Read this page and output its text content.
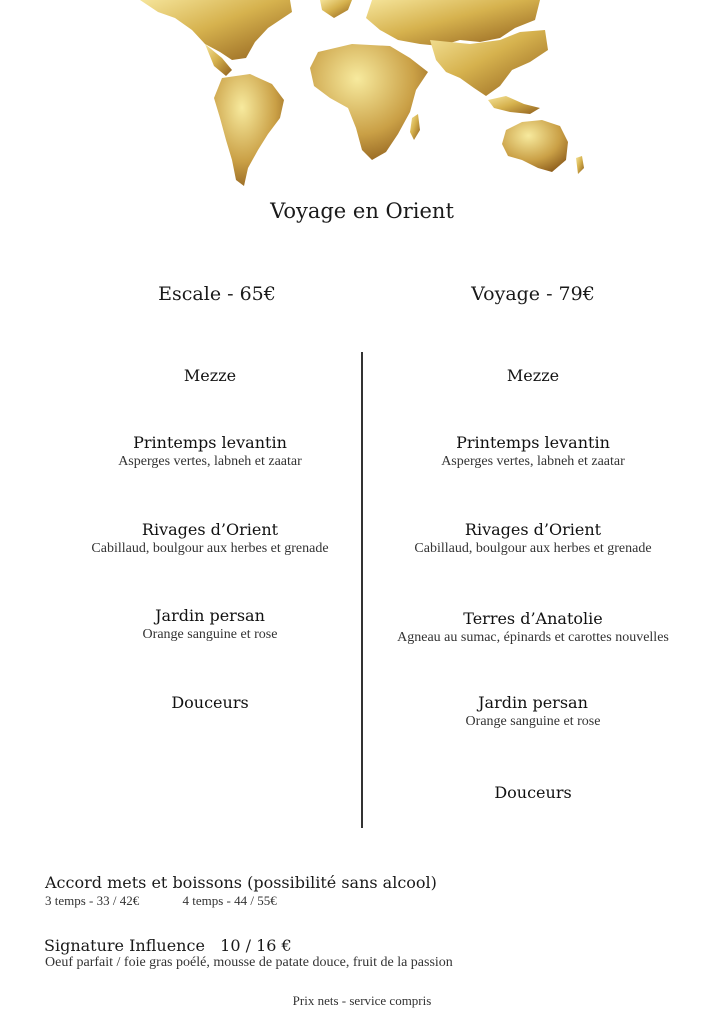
Voyage en Orient
Escale - 65€	Voyage - 79€
Mezze
Printemps levantin
Asperges vertes, labneh et zaatar
Rivages d’Orient
Cabillaud, boulgour aux herbes et grenade
Jardin persan
Orange sanguine et rose
Douceurs
Mezze
Printemps levantin
Asperges vertes, labneh et zaatar
Rivages d’Orient
Cabillaud, boulgour aux herbes et grenade
Terres d’Anatolie
Agneau au sumac, épinards et carottes nouvelles
Jardin persan
Orange sanguine et rose
Douceurs
Accord mets et boissons (possibilité sans alcool)
3 temps - 33 / 42€	4 temps - 44 / 55€
Signature Influence   10 / 16 €
Oeuf parfait / foie gras poélé, mousse de patate douce, fruit de la passion
Prix nets - service compris
